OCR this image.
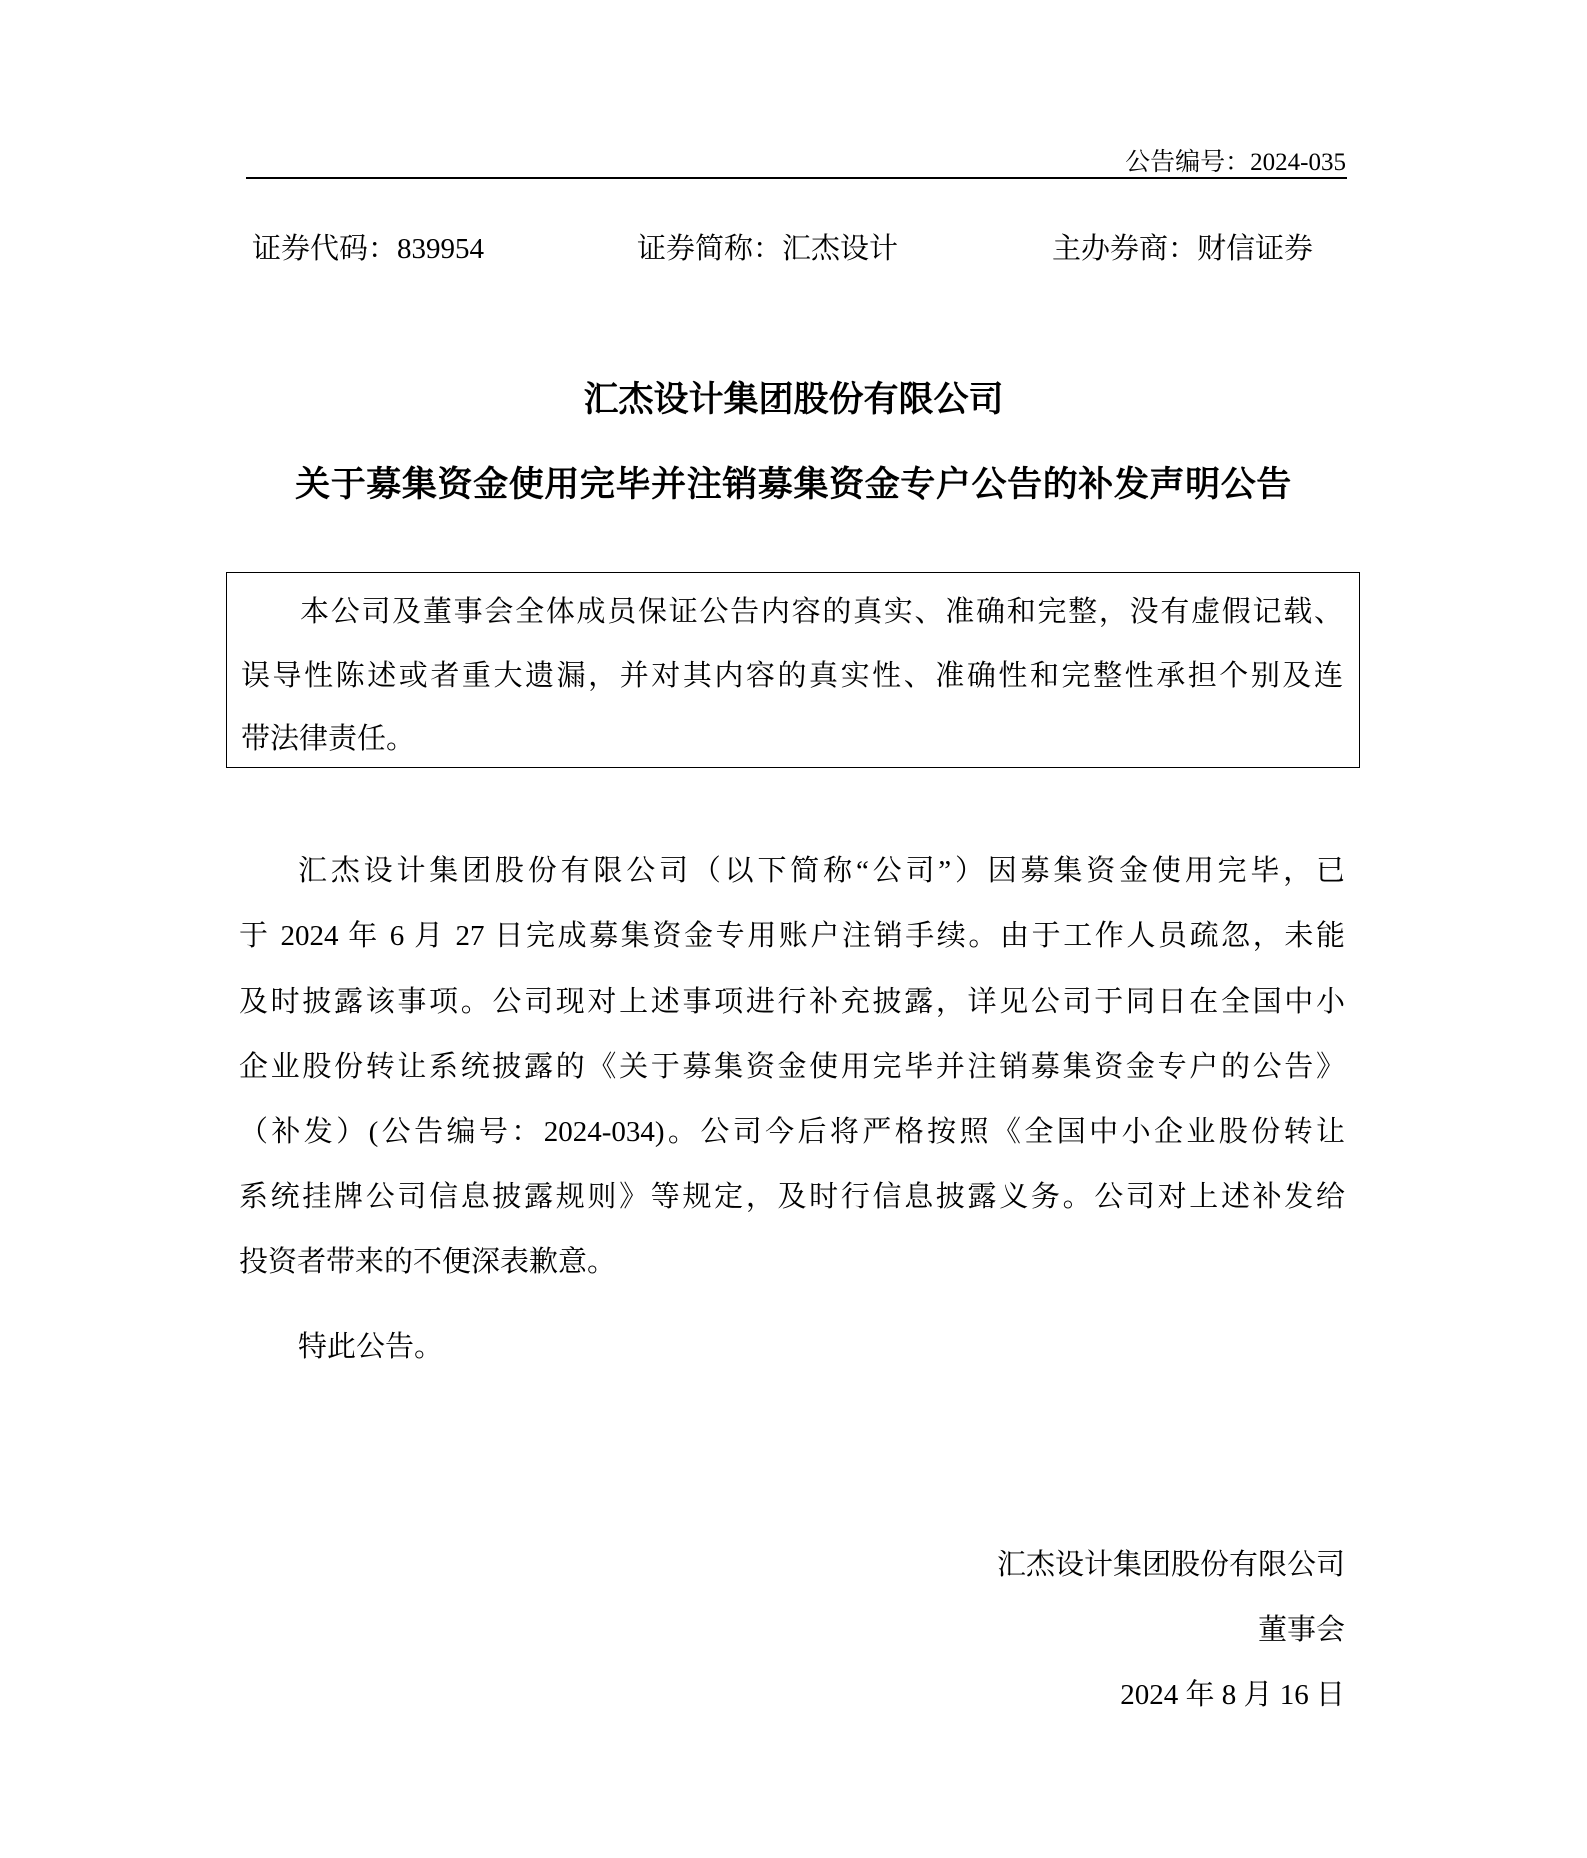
公告编号：2024-035
证券代码：839954	证券简称：汇杰设计	主办券商：财信证券
汇杰设计集团股份有限公司
关于募集资金使用完毕并注销募集资金专户公告的补发声明公告
本公司及董事会全体成员保证公告内容的真实、准确和完整，没有虚假记载、
误导性陈述或者重大遗漏，并对其内容的真实性、准确性和完整性承担个别及连
带法律责任。
汇杰设计集团股份有限公司（以下简称“公司”）因募集资金使用完毕，已
于 2024 年 6 月 27 日完成募集资金专用账户注销手续。由于工作人员疏忽，未能
及时披露该事项。公司现对上述事项进行补充披露，详见公司于同日在全国中小
企业股份转让系统披露的《关于募集资金使用完毕并注销募集资金专户的公告》
（补发）(公告编号：2024-034)。公司今后将严格按照《全国中小企业股份转让
系统挂牌公司信息披露规则》等规定，及时行信息披露义务。公司对上述补发给
投资者带来的不便深表歉意。
特此公告。
汇杰设计集团股份有限公司
董事会
2024 年 8 月 16 日
